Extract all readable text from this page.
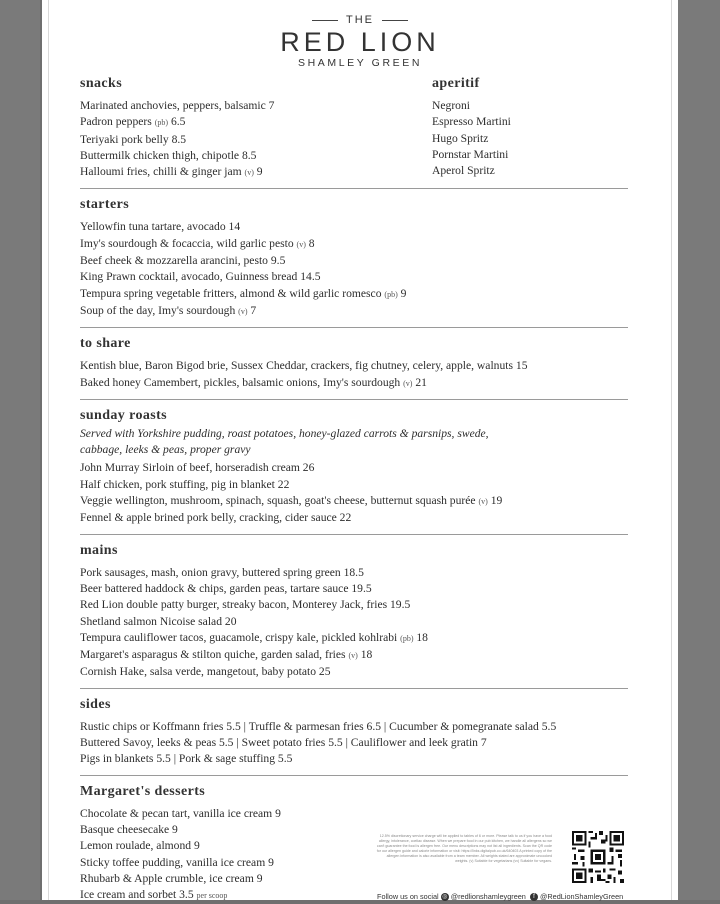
THE
RED LION
SHAMLEY GREEN
snacks
Marinated anchovies, peppers, balsamic 7
Padron peppers (pb) 6.5
Teriyaki pork belly 8.5
Buttermilk chicken thigh, chipotle 8.5
Halloumi fries, chilli & ginger jam (v) 9
aperitif
Negroni
Espresso Martini
Hugo Spritz
Pornstar Martini
Aperol Spritz
starters
Yellowfin tuna tartare, avocado 14
Imy's sourdough & focaccia, wild garlic pesto (v) 8
Beef cheek & mozzarella arancini, pesto 9.5
King Prawn cocktail, avocado, Guinness bread 14.5
Tempura spring vegetable fritters, almond & wild garlic romesco (pb) 9
Soup of the day, Imy's sourdough (v) 7
to share
Kentish blue, Baron Bigod brie, Sussex Cheddar, crackers, fig chutney, celery, apple, walnuts 15
Baked honey Camembert, pickles, balsamic onions, Imy's sourdough (v) 21
sunday roasts
Served with Yorkshire pudding, roast potatoes, honey-glazed carrots & parsnips, swede,
cabbage, leeks & peas, proper gravy
John Murray Sirloin of beef, horseradish cream 26
Half chicken, pork stuffing, pig in blanket 22
Veggie wellington, mushroom, spinach, squash, goat's cheese, butternut squash purée (v) 19
Fennel & apple brined pork belly, cracking, cider sauce 22
mains
Pork sausages, mash, onion gravy, buttered spring green 18.5
Beer battered haddock & chips, garden peas, tartare sauce 19.5
Red Lion double patty burger, streaky bacon, Monterey Jack, fries 19.5
Shetland salmon Nicoise salad 20
Tempura cauliflower tacos, guacamole, crispy kale, pickled kohlrabi (pb) 18
Margaret's asparagus & stilton quiche, garden salad, fries (v) 18
Cornish Hake, salsa verde, mangetout, baby potato 25
sides
Rustic chips or Koffmann fries 5.5 | Truffle & parmesan fries 6.5 | Cucumber & pomegranate salad 5.5
Buttered Savoy, leeks & peas 5.5 | Sweet potato fries 5.5 | Cauliflower and leek gratin 7
Pigs in blankets 5.5 | Pork & sage stuffing 5.5
Margaret's desserts
Chocolate & pecan tart, vanilla ice cream 9
Basque cheesecake 9
Lemon roulade, almond 9
Sticky toffee pudding, vanilla ice cream 9
Rhubarb & Apple crumble, ice cream 9
Ice cream and sorbet 3.5 per scoop
12.5% discretionary service charge will be applied to tables of 6 or more. Please talk to us if you have a food allergy, intolerance, coeliac disease. When we prepare food in our pub kitchen, we handle all allergens so we can't guarantee the food is allergen free. Our menu descriptions may not list all ingredients. Scan the QR code for our allergen guide and calorie information or visit: https://links.digitalpub.co.uk/640403 A printed copy of the allergen information is also available from a team member. All weights stated are approximate uncooked weights. (v) Suitable for vegetarians (vv) Suitable for vegans.
Follow us on social ◎ @redlionshamleygreen f @RedLionShamleyGreen
